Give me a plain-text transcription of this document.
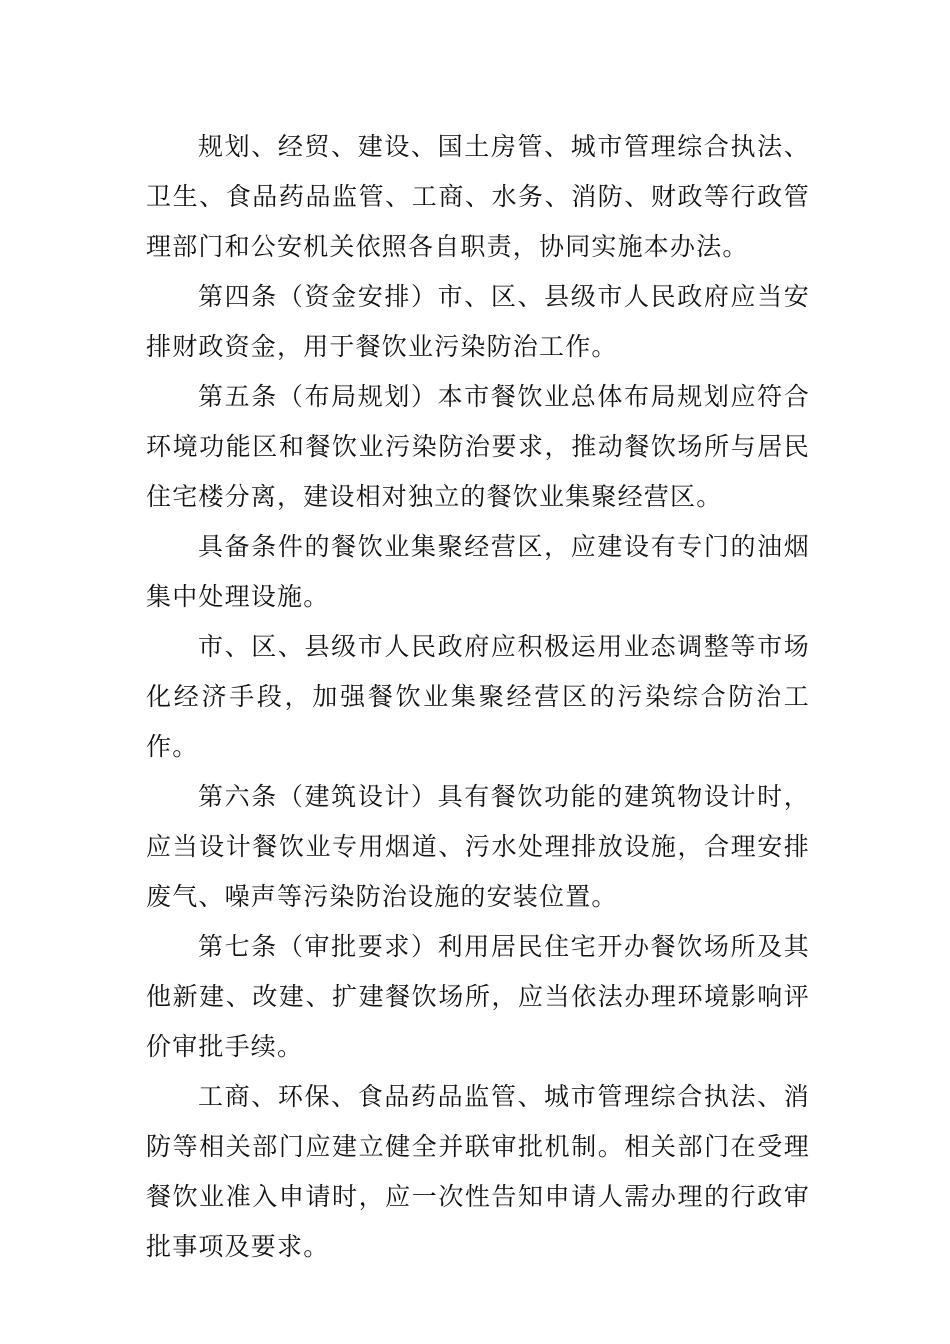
规划、经贸、建设、国土房管、城市管理综合执法、卫生、食品药品监管、工商、水务、消防、财政等行政管理部门和公安机关依照各自职责，协同实施本办法。

第四条（资金安排）市、区、县级市人民政府应当安排财政资金，用于餐饮业污染防治工作。

第五条（布局规划）本市餐饮业总体布局规划应符合环境功能区和餐饮业污染防治要求，推动餐饮场所与居民住宅楼分离，建设相对独立的餐饮业集聚经营区。

具备条件的餐饮业集聚经营区，应建设有专门的油烟集中处理设施。

市、区、县级市人民政府应积极运用业态调整等市场化经济手段，加强餐饮业集聚经营区的污染综合防治工作。

第六条（建筑设计）具有餐饮功能的建筑物设计时，应当设计餐饮业专用烟道、污水处理排放设施，合理安排废气、噪声等污染防治设施的安装位置。

第七条（审批要求）利用居民住宅开办餐饮场所及其他新建、改建、扩建餐饮场所，应当依法办理环境影响评价审批手续。

工商、环保、食品药品监管、城市管理综合执法、消防等相关部门应建立健全并联审批机制。相关部门在受理餐饮业准入申请时，应一次性告知申请人需办理的行政审批事项及要求。
